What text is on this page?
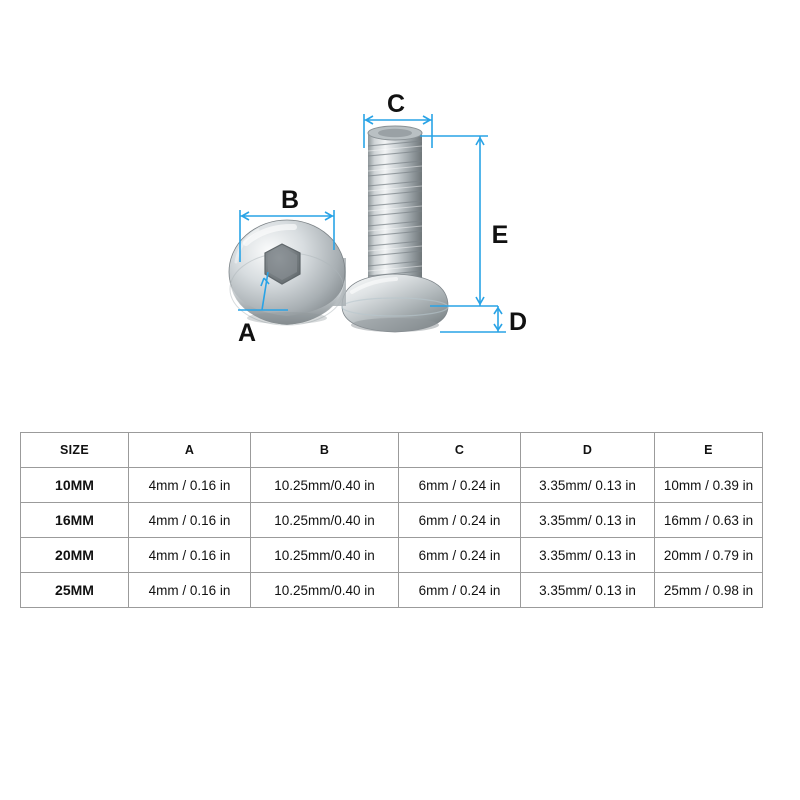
C
E
D
B
A
SIZE	A	B	C	D	E
10MM	4mm / 0.16 in	10.25mm/0.40 in	6mm / 0.24 in	3.35mm/ 0.13 in	10mm / 0.39 in
16MM	4mm / 0.16 in	10.25mm/0.40 in	6mm / 0.24 in	3.35mm/ 0.13 in	16mm / 0.63 in
20MM	4mm / 0.16 in	10.25mm/0.40 in	6mm / 0.24 in	3.35mm/ 0.13 in	20mm / 0.79 in
25MM	4mm / 0.16 in	10.25mm/0.40 in	6mm / 0.24 in	3.35mm/ 0.13 in	25mm / 0.98 in
